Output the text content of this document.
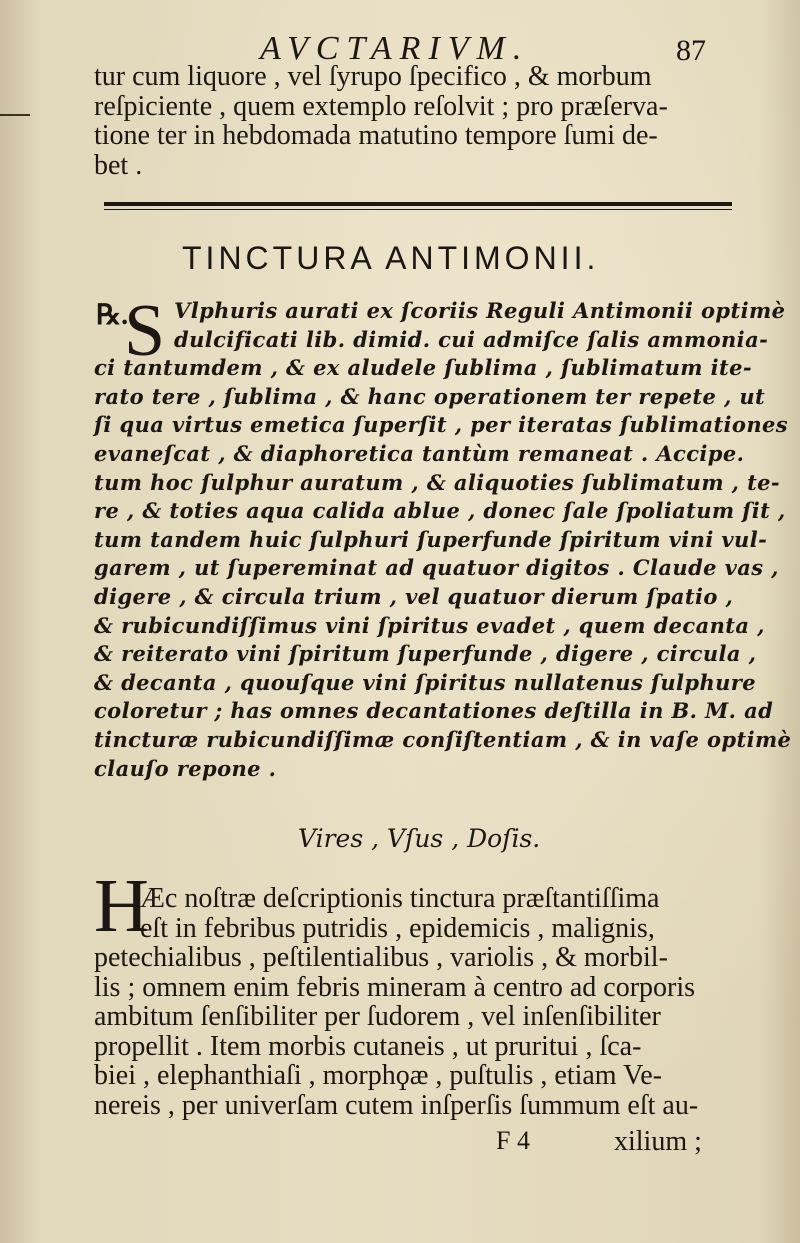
AVCTARIVM.	87
tur cum liquore , vel ſyrupo ſpecifico , & morbum
reſpiciente , quem extemplo reſolvit ; pro præſerva-
tione ter in hebdomada matutino tempore ſumi de-
bet .
TINCTURA ANTIMONII.
℞.
S Vlphuris aurati ex ſcoriis Reguli Antimonii optimè
dulcificati lib. dimid. cui admiſce ſalis ammonia-
ci tantumdem , & ex aludele ſublima , ſublimatum ite-
rato tere , ſublima , & hanc operationem ter repete , ut
ſi qua virtus emetica ſuperſit , per iteratas ſublimationes
evaneſcat , & diaphoretica tantùm remaneat . Accipe.
tum hoc ſulphur auratum , & aliquoties ſublimatum , te-
re , & toties aqua calida ablue , donec ſale ſpoliatum ſit ,
tum tandem huic ſulphuri ſuperfunde ſpiritum vini vul-
garem , ut ſupereminat ad quatuor digitos . Claude vas ,
digere , & circula trium , vel quatuor dierum ſpatio ,
& rubicundiſſimus vini ſpiritus evadet , quem decanta ,
& reiterato vini ſpiritum ſuperfunde , digere , circula ,
& decanta , quouſque vini ſpiritus nullatenus ſulphure
coloretur ; has omnes decantationes deſtilla in B. M. ad
tincturæ rubicundiſſimæ conſiſtentiam , & in vaſe optimè
clauſo repone .
Vires , Vſus , Doſis.
H
Æc noſtræ deſcriptionis tinctura præſtantiſſima
eſt in febribus putridis , epidemicis , malignis,
petechialibus , peſtilentialibus , variolis , & morbil-
lis ; omnem enim febris mineram à centro ad corporis
ambitum ſenſibiliter per ſudorem , vel inſenſibiliter
propellit . Item morbis cutaneis , ut pruritui , ſca-
biei , elephanthiaſi , morphϙæ , puſtulis , etiam Ve-
nereis , per univerſam cutem inſperſis ſummum eſt au-
F 4	xilium ;
